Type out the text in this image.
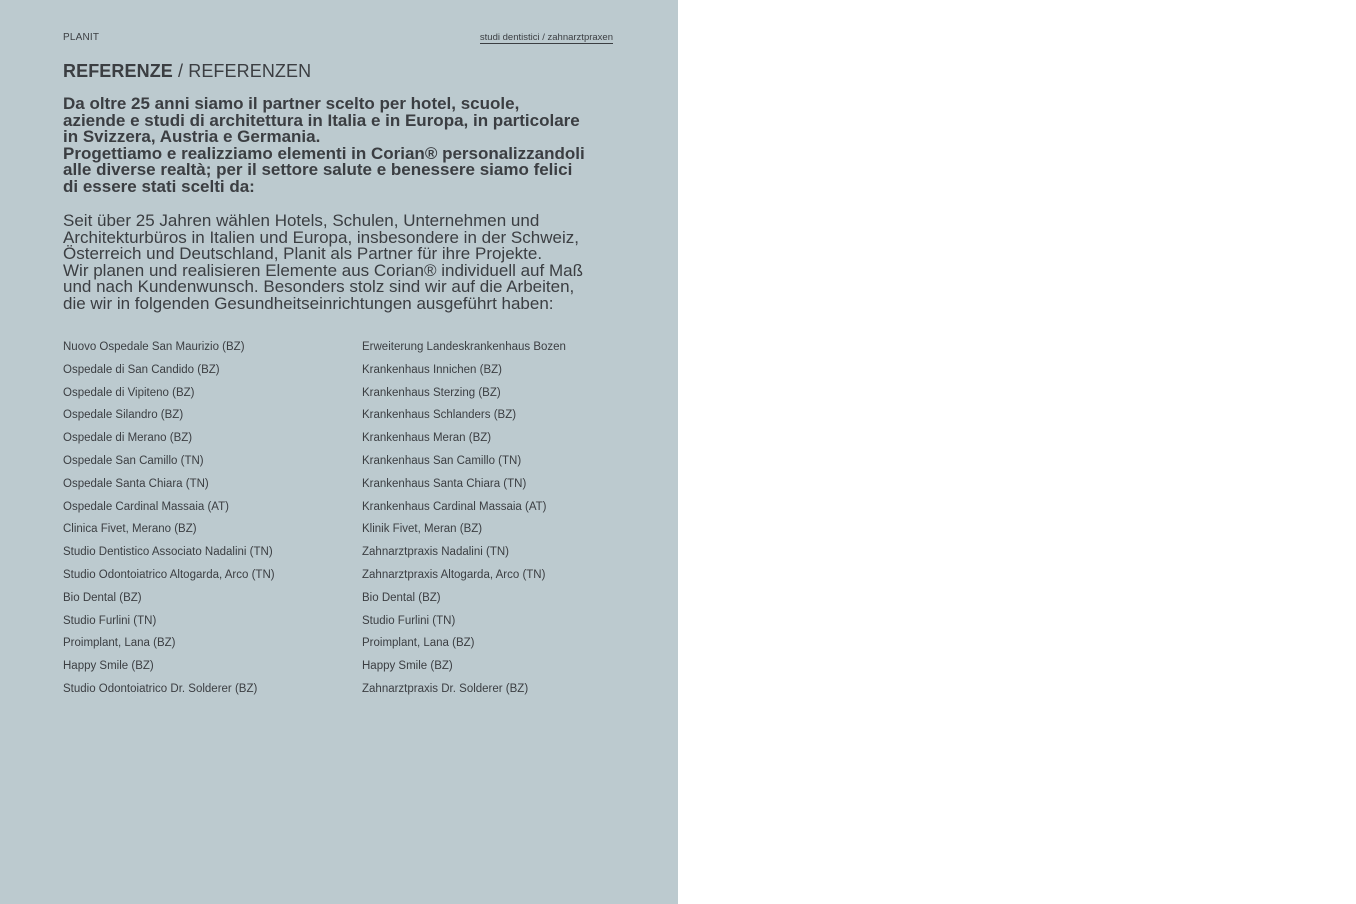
PLANIT	studi dentistici / zahnarztpraxen
REFERENZE / REFERENZEN

Da oltre 25 anni siamo il partner scelto per hotel, scuole,
aziende e studi di architettura in Italia e in Europa, in particolare
in Svizzera, Austria e Germania.
Progettiamo e realizziamo elementi in Corian® personalizzandoli
alle diverse realtà; per il settore salute e benessere siamo felici
di essere stati scelti da:

Seit über 25 Jahren wählen Hotels, Schulen, Unternehmen und
Architekturbüros in Italien und Europa, insbesondere in der Schweiz,
Österreich und Deutschland, Planit als Partner für ihre Projekte.
Wir planen und realisieren Elemente aus Corian® individuell auf Maß
und nach Kundenwunsch. Besonders stolz sind wir auf die Arbeiten,
die wir in folgenden Gesundheitseinrichtungen ausgeführt haben:

Nuovo Ospedale San Maurizio (BZ)
Ospedale di San Candido (BZ)
Ospedale di Vipiteno (BZ)
Ospedale Silandro (BZ)
Ospedale di Merano (BZ)
Ospedale San Camillo (TN)
Ospedale Santa Chiara (TN)
Ospedale Cardinal Massaia (AT)
Clinica Fivet, Merano (BZ)
Studio Dentistico Associato Nadalini (TN)
Studio Odontoiatrico Altogarda, Arco (TN)
Bio Dental (BZ)
Studio Furlini (TN)
Proimplant, Lana (BZ)
Happy Smile (BZ)
Studio Odontoiatrico Dr. Solderer (BZ)
Erweiterung Landeskrankenhaus Bozen
Krankenhaus Innichen (BZ)
Krankenhaus Sterzing (BZ)
Krankenhaus Schlanders (BZ)
Krankenhaus Meran (BZ)
Krankenhaus San Camillo (TN)
Krankenhaus Santa Chiara (TN)
Krankenhaus Cardinal Massaia (AT)
Klinik Fivet, Meran (BZ)
Zahnarztpraxis Nadalini (TN)
Zahnarztpraxis Altogarda, Arco (TN)
Bio Dental (BZ)
Studio Furlini (TN)
Proimplant, Lana (BZ)
Happy Smile (BZ)
Zahnarztpraxis Dr. Solderer (BZ)
